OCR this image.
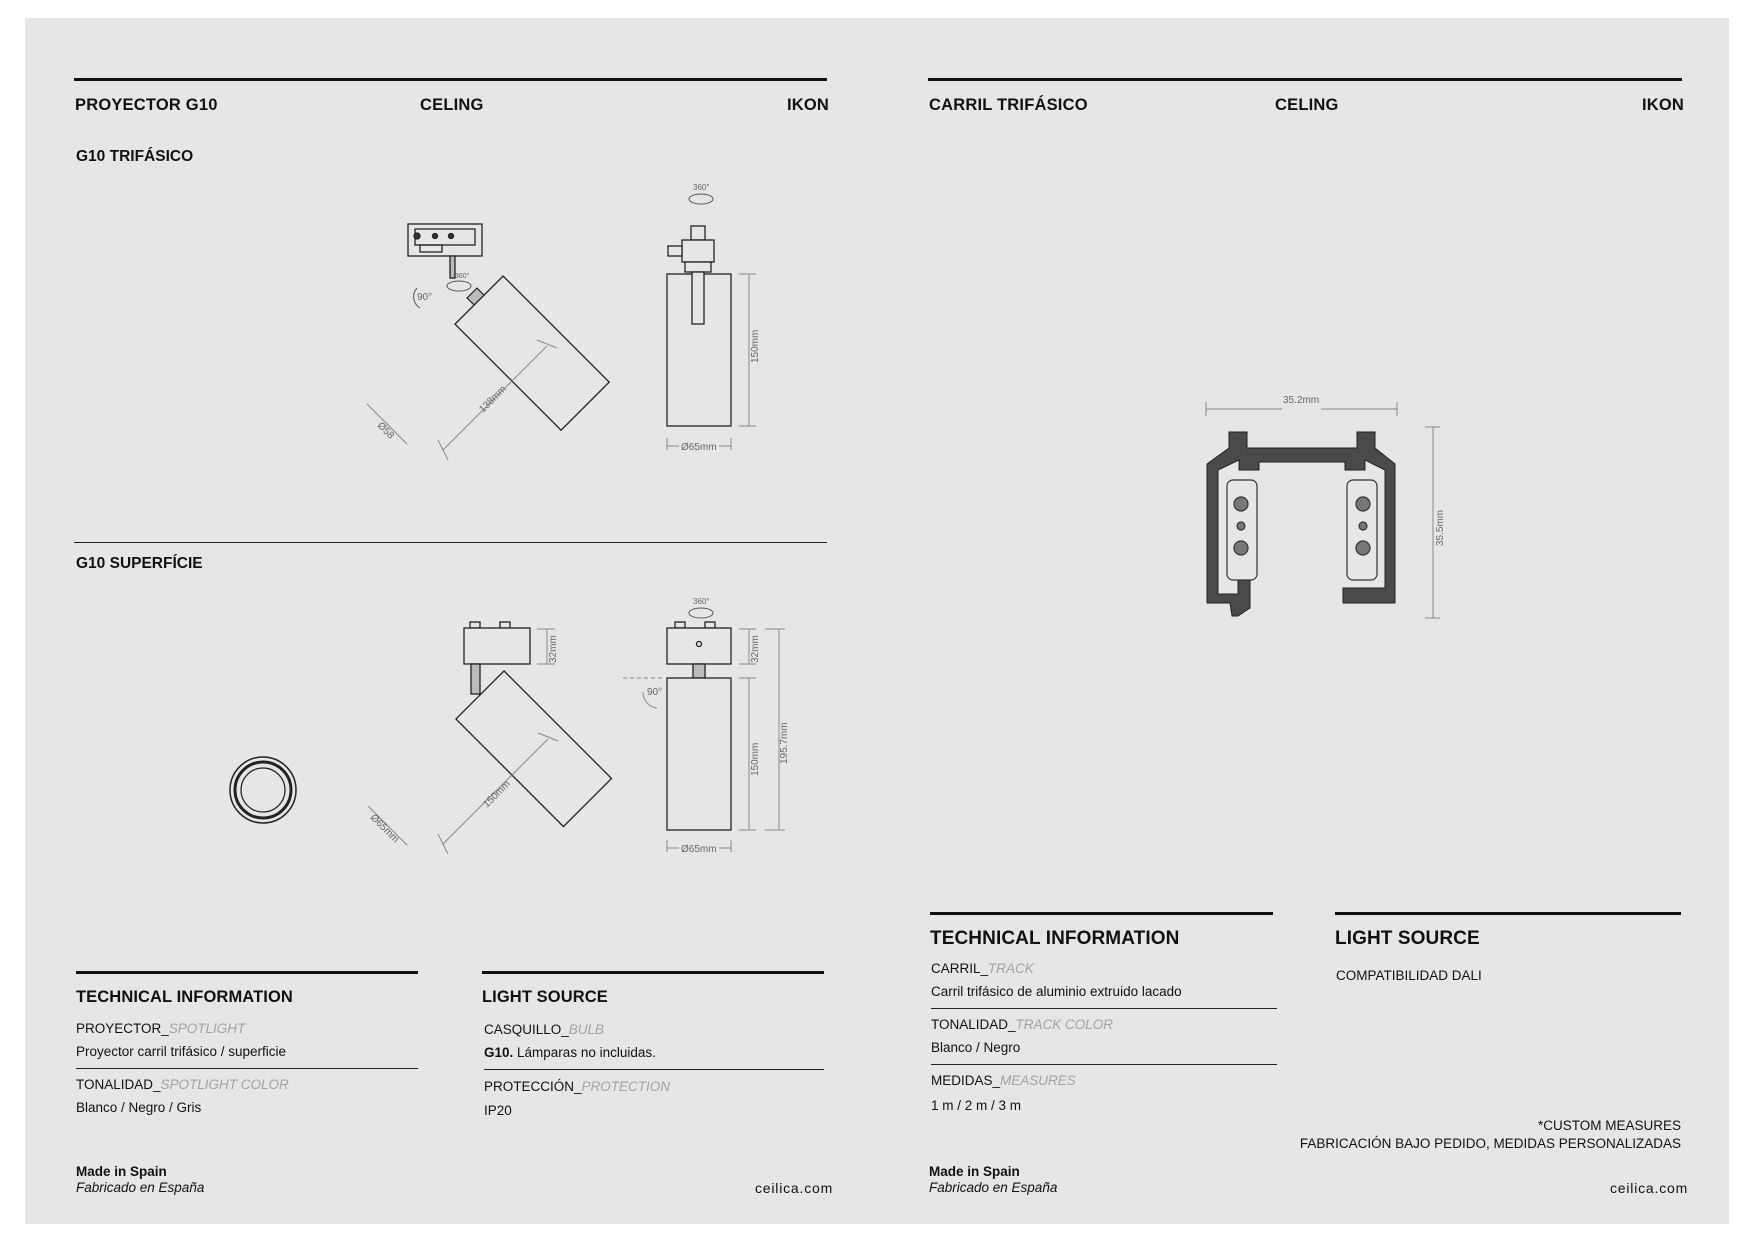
PROYECTOR G10	CELING	IKON
G10 TRIFÁSICO
90°
360°
138mm
Ø58
360°
150mm
Ø65mm
G10 SUPERFÍCIE
32mm
150mm
Ø65mm
360°
90°
32mm
150mm 195.7mm
Ø65mm
TECHNICAL INFORMATION
PROYECTOR_SPOTLIGHT
Proyector carril trifásico / superficie
TONALIDAD_SPOTLIGHT COLOR
Blanco / Negro / Gris
LIGHT SOURCE
CASQUILLO_BULB
G10. Lámparas no incluidas.
PROTECCIÓN_PROTECTION
IP20
Made in Spain
Fabricado en España	ceilica.com
CARRIL TRIFÁSICO	CELING	IKON
35.2mm
35.5mm
TECHNICAL INFORMATION
CARRIL_TRACK
Carril trifásico de aluminio extruido lacado
TONALIDAD_TRACK COLOR
Blanco / Negro
MEDIDAS_MEASURES
1 m / 2 m / 3 m
LIGHT SOURCE
COMPATIBILIDAD DALI
*CUSTOM MEASURES
FABRICACIÓN BAJO PEDIDO, MEDIDAS PERSONALIZADAS
Made in Spain
Fabricado en España	ceilica.com
